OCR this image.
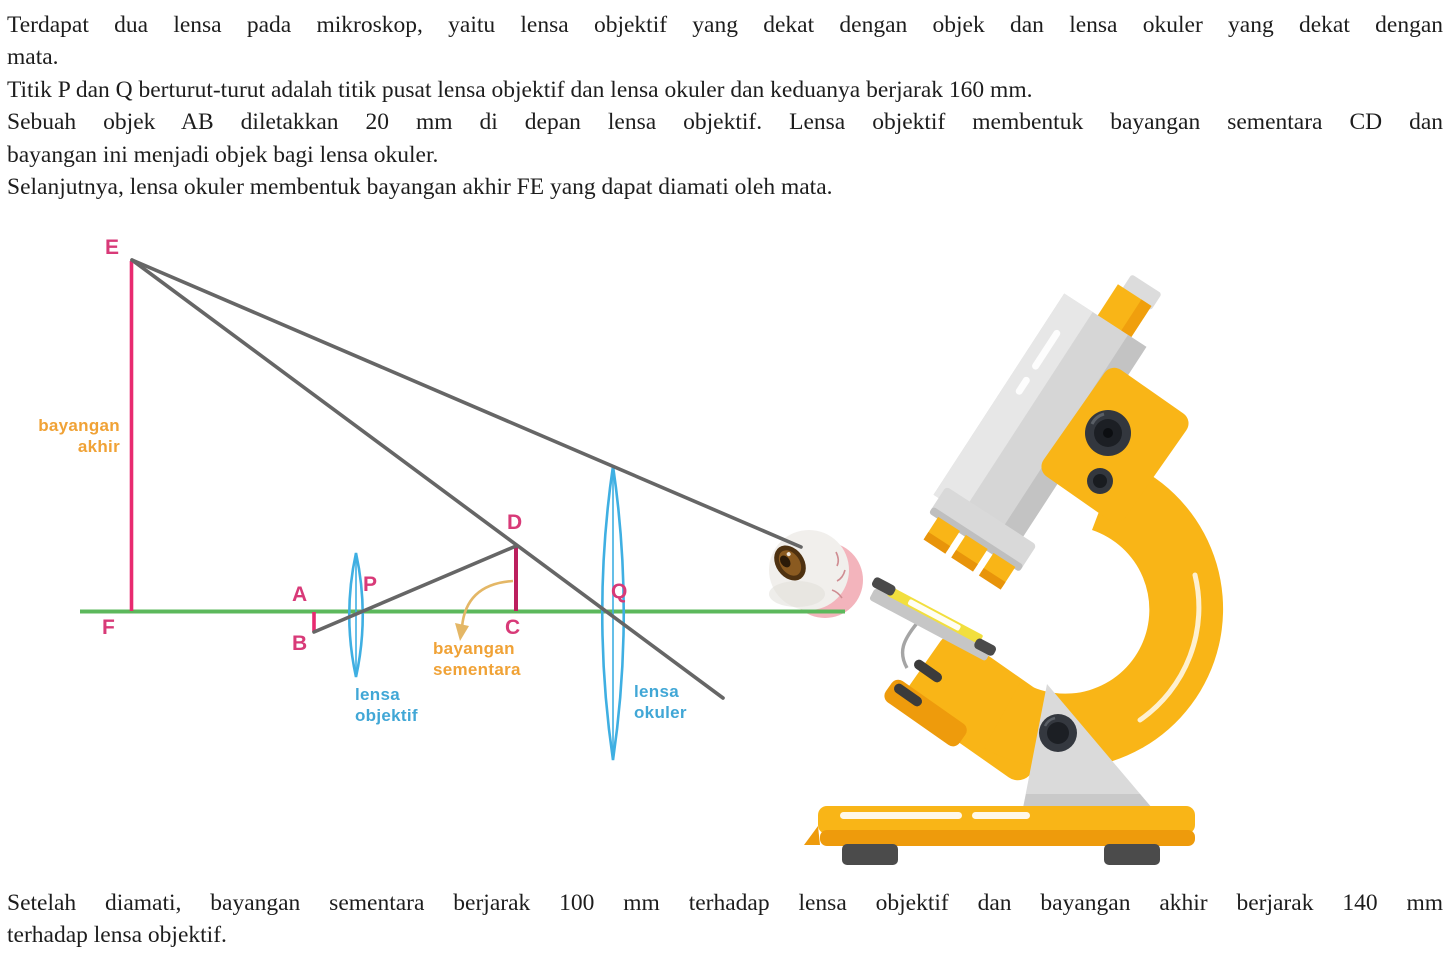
Terdapat dua lensa pada mikroskop, yaitu lensa objektif yang dekat dengan objek dan lensa okuler yang dekat dengan
mata.
Titik P dan Q berturut-turut adalah titik pusat lensa objektif dan lensa okuler dan keduanya berjarak 160 mm.
Sebuah objek AB diletakkan 20 mm di depan lensa objektif. Lensa objektif membentuk bayangan sementara CD dan
bayangan ini menjadi objek bagi lensa okuler.
Selanjutnya, lensa okuler membentuk bayangan akhir FE yang dapat diamati oleh mata.
E
F
A
B
P
D
C
Q
bayangan
akhir
bayangan
sementara
lensa
objektif
lensa
okuler
Setelah diamati, bayangan sementara berjarak 100 mm terhadap lensa objektif dan bayangan akhir berjarak 140 mm
terhadap lensa objektif.
